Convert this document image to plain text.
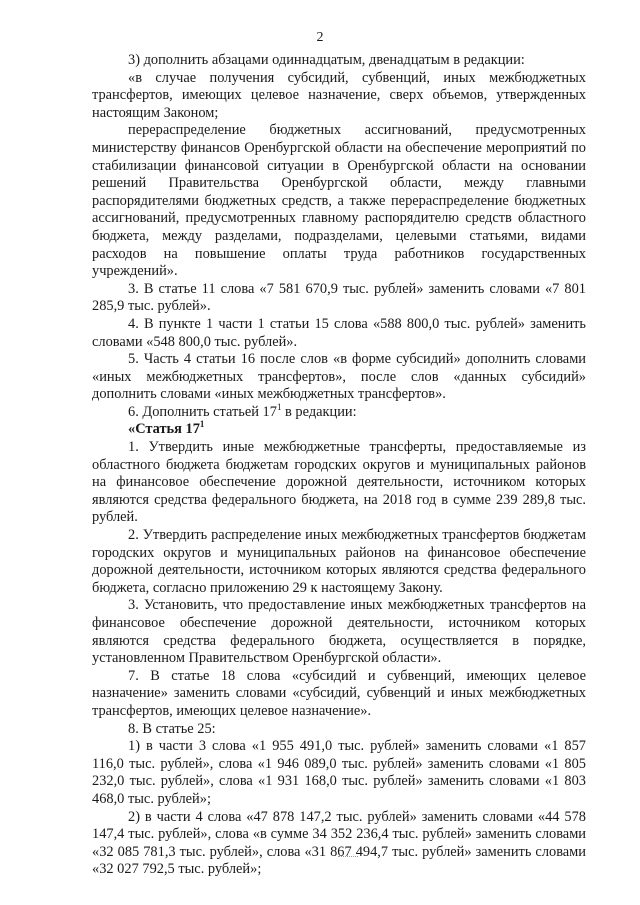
2

3) дополнить абзацами одиннадцатым, двенадцатым в редакции:

«в случае получения субсидий, субвенций, иных межбюджетных трансфертов, имеющих целевое назначение, сверх объемов, утвержденных настоящим Законом;

перераспределение бюджетных ассигнований, предусмотренных министерству финансов Оренбургской области на обеспечение мероприятий по стабилизации финансовой ситуации в Оренбургской области на основании решений Правительства Оренбургской области, между главными распорядителями бюджетных средств, а также перераспределение бюджетных ассигнований, предусмотренных главному распорядителю средств областного бюджета, между разделами, подразделами, целевыми статьями, видами расходов на повышение оплаты труда работников государственных учреждений».

3. В статье 11 слова «7 581 670,9 тыс. рублей» заменить словами «7 801 285,9 тыс. рублей».

4. В пункте 1 части 1 статьи 15 слова «588 800,0 тыс. рублей» заменить словами «548 800,0 тыс. рублей».

5. Часть 4 статьи 16 после слов «в форме субсидий» дополнить словами «иных межбюджетных трансфертов», после слов «данных субсидий» дополнить словами «иных межбюджетных трансфертов».

6. Дополнить статьей $17^1$ в редакции:

«Статья $17^1$

1. Утвердить иные межбюджетные трансферты, предоставляемые из областного бюджета бюджетам городских округов и муниципальных районов на финансовое обеспечение дорожной деятельности, источником которых являются средства федерального бюджета, на 2018 год в сумме 239 289,8 тыс. рублей.

2. Утвердить распределение иных межбюджетных трансфертов бюджетам городских округов и муниципальных районов на финансовое обеспечение дорожной деятельности, источником которых являются средства федерального бюджета, согласно приложению 29 к настоящему Закону.

3. Установить, что предоставление иных межбюджетных трансфертов на финансовое обеспечение дорожной деятельности, источником которых являются средства федерального бюджета, осуществляется в порядке, установленном Правительством Оренбургской области».

7. В статье 18 слова «субсидий и субвенций, имеющих целевое назначение» заменить словами «субсидий, субвенций и иных межбюджетных трансфертов, имеющих целевое назначение».

8. В статье 25:

1) в части 3 слова «1 955 491,0 тыс. рублей» заменить словами «1 857 116,0 тыс. рублей», слова «1 946 089,0 тыс. рублей» заменить словами «1 805 232,0 тыс. рублей», слова «1 931 168,0 тыс. рублей» заменить словами «1 803 468,0 тыс. рублей»;

2) в части 4 слова «47 878 147,2 тыс. рублей» заменить словами «44 578 147,4 тыс. рублей», слова «в сумме 34 352 236,4 тыс. рублей» заменить словами «32 085 781,3 тыс. рублей», слова «31 867 494,7 тыс. рублей» заменить словами «32 027 792,5 тыс. рублей»;
